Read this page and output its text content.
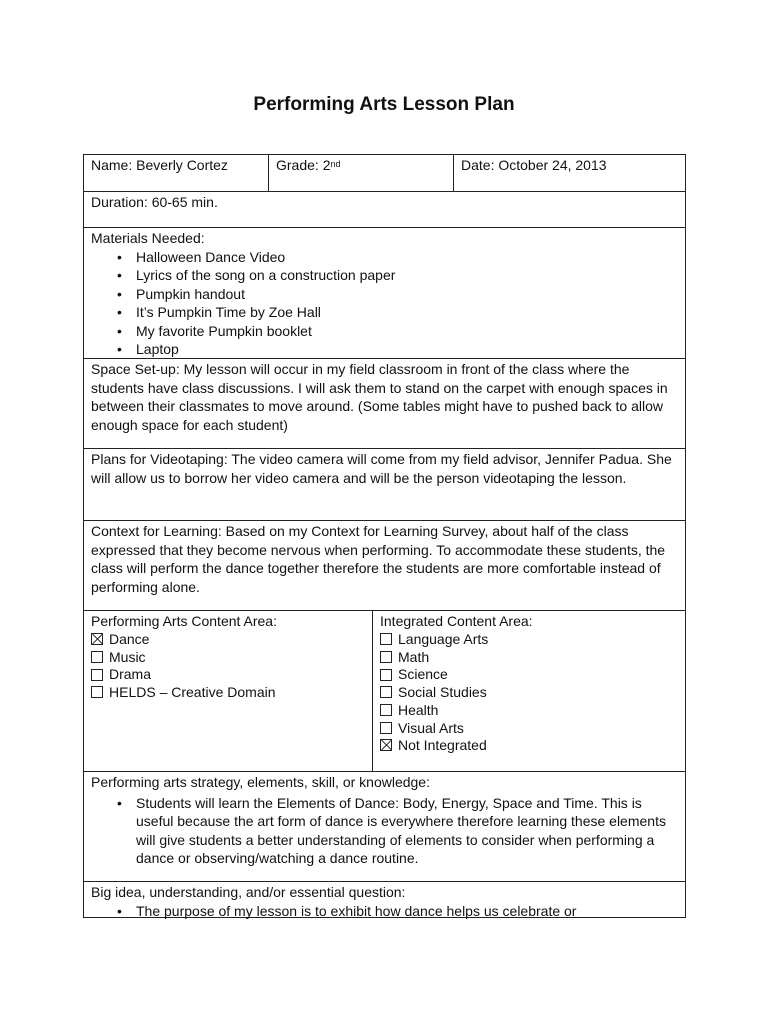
Performing Arts Lesson Plan
Name: Beverly Cortez	Grade: 2nd	Date: October 24, 2013
Duration: 60-65 min.
Materials Needed:
• Halloween Dance Video
• Lyrics of the song on a construction paper
• Pumpkin handout
• It’s Pumpkin Time by Zoe Hall
• My favorite Pumpkin booklet
• Laptop
Space Set-up: My lesson will occur in my field classroom in front of the class where the students have class discussions. I will ask them to stand on the carpet with enough spaces in between their classmates to move around. (Some tables might have to pushed back to allow enough space for each student)
Plans for Videotaping: The video camera will come from my field advisor, Jennifer Padua. She will allow us to borrow her video camera and will be the person videotaping the lesson.
Context for Learning: Based on my Context for Learning Survey, about half of the class expressed that they become nervous when performing. To accommodate these students, the class will perform the dance together therefore the students are more comfortable instead of performing alone.
Performing Arts Content Area:
Dance
Music
Drama
HELDS – Creative Domain
Integrated Content Area:
Language Arts
Math
Science
Social Studies
Health
Visual Arts
Not Integrated
Performing arts strategy, elements, skill, or knowledge:
• Students will learn the Elements of Dance: Body, Energy, Space and Time. This is useful because the art form of dance is everywhere therefore learning these elements will give students a better understanding of elements to consider when performing a dance or observing/watching a dance routine.
Big idea, understanding, and/or essential question:
• The purpose of my lesson is to exhibit how dance helps us celebrate or
